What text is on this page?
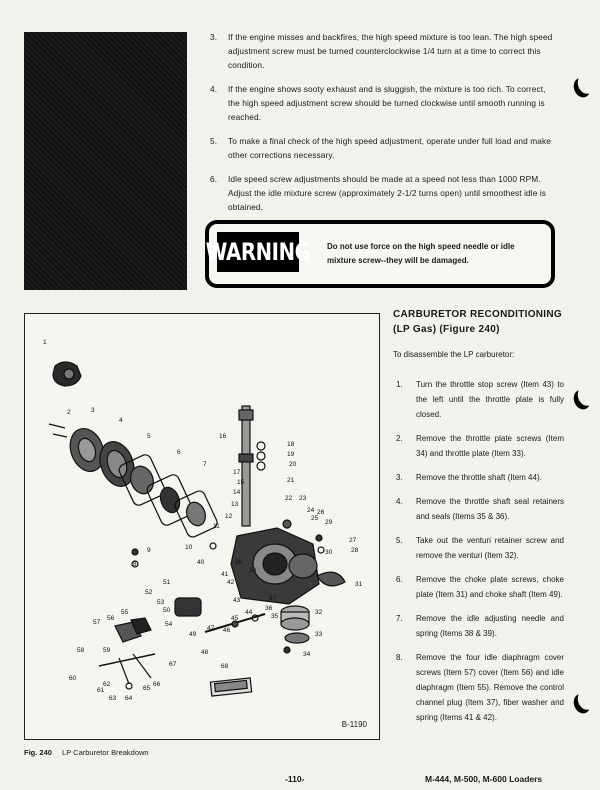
3. If the engine misses and backfires, the high speed mixture is too lean. The high speed adjustment screw must be turned counterclockwise 1/4 turn at a time to correct this condition.
4. If the engine shows sooty exhaust and is sluggish, the mixture is too rich. To correct, the high speed adjustment screw should be turned clockwise until smooth running is reached.
5. To make a final check of the high speed adjustment, operate under full load and make other corrections necessary.
6. Idle speed screw adjustments should be made at a speed not less than 1000 RPM. Adjust the idle mixture screw (approximately 2-1/2 turns open) until smoothest idle is obtained.
WARNING Do not use force on the high speed needle or idle mixture screw--they will be damaged.
1
2	3
4
5
6
7
8
9	10
11
12
13
14
15
16
17
18
19
20
21
22 23
24
25
26
27
28
29
30
31
32
33
34
35
36
37
38
39
40
41
42
43
44
45
46
47
48
49
50
51
52
53
54
55
56
57
58	59
60
61
62
63 64
65
66
67	68
B-1190
Fig. 240 LP Carburetor Breakdown
CARBURETOR RECONDITIONING (LP Gas) (Figure 240)
To disassemble the LP carburetor:
1. Turn the throttle stop screw (Item 43) to the left until the throttle plate is fully closed.
2. Remove the throttle plate screws (Item 34) and throttle plate (Item 33).
3. Remove the throttle shaft (Item 44).
4. Remove the throttle shaft seal retainers and seals (Items 35 & 36).
5. Take out the venturi retainer screw and remove the venturi (Item 32).
6. Remove the choke plate screws, choke plate (Item 31) and choke shaft (Item 49).
7. Remove the idle adjusting needle and spring (Items 38 & 39).
8. Remove the four idle diaphragm cover screws (Item 57) cover (Item 56) and idle diaphragm (Item 55). Remove the control channel plug (Item 37), fiber washer and spring (Items 41 & 42).
-110-	M-444, M-500, M-600 Loaders
